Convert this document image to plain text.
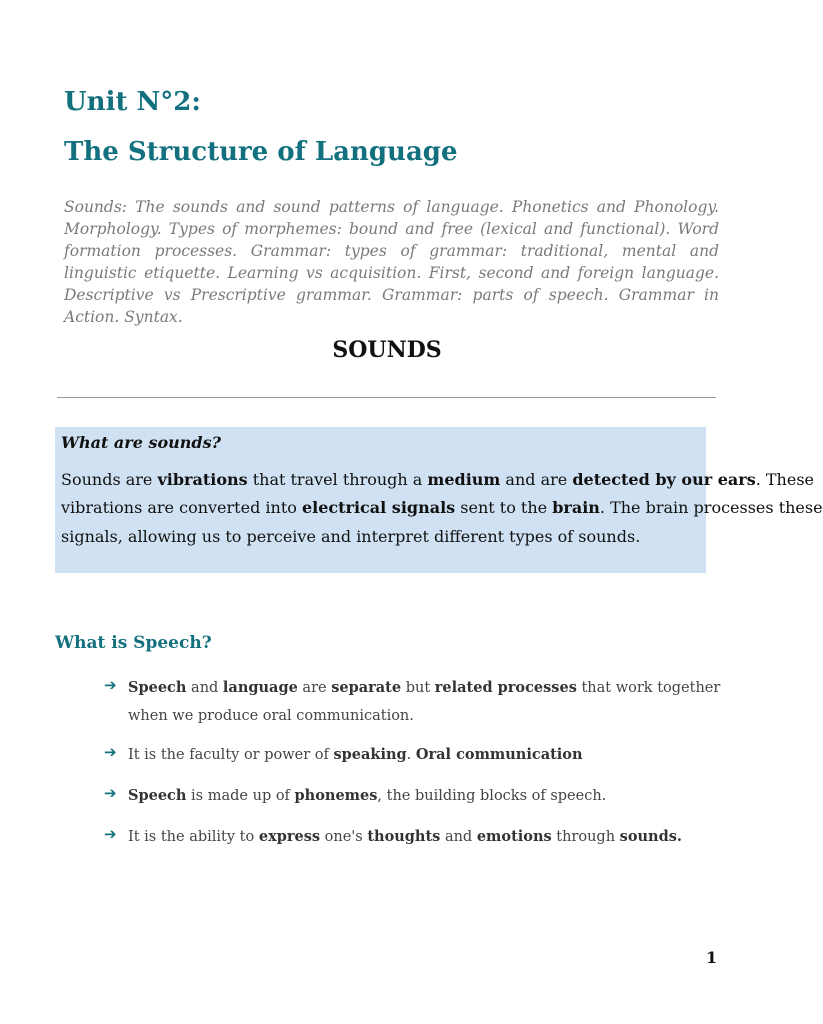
Unit N°2:
The Structure of Language

Sounds: The sounds and sound patterns of language. Phonetics and Phonology. Morphology. Types of morphemes: bound and free (lexical and functional). Word formation processes. Grammar: types of grammar: traditional, mental and linguistic etiquette. Learning vs acquisition. First, second and foreign language. Descriptive vs Prescriptive grammar. Grammar: parts of speech. Grammar in Action. Syntax.

SOUNDS

What are sounds?

Sounds are vibrations that travel through a medium and are detected by our ears. These

vibrations are converted into electrical signals sent to the brain. The brain processes these

signals, allowing us to perceive and interpret different types of sounds.

What is Speech?
➔ Speech and language are separate but related processes that work together when we produce oral communication.

➔ It is the faculty or power of speaking. Oral communication

➔ Speech is made up of phonemes, the building blocks of speech.

➔ It is the ability to express one's thoughts and emotions through sounds.

1
